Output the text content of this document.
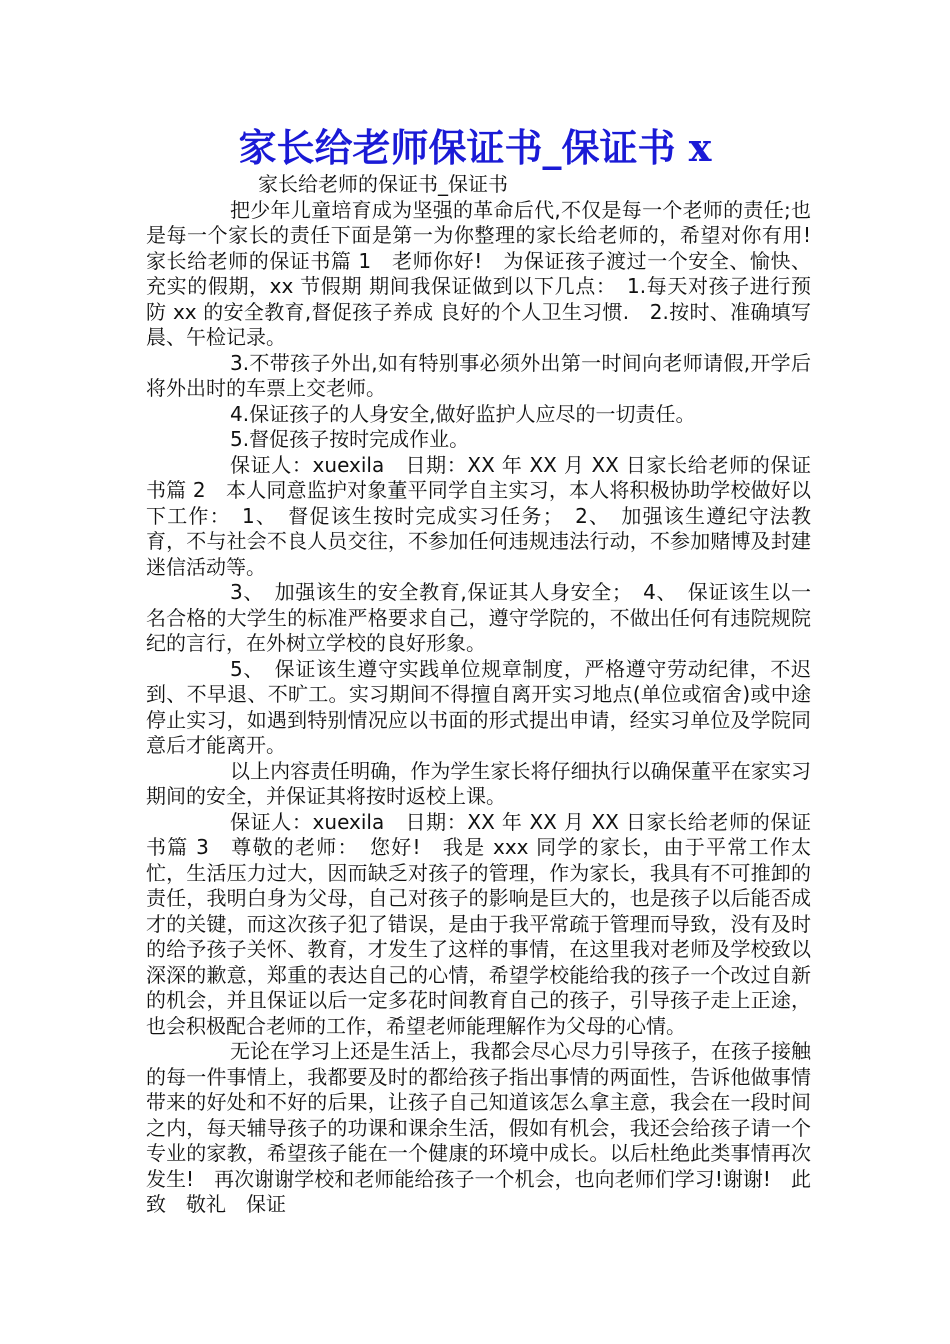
家长给老师保证书_保证书 x

家长给老师的保证书_保证书

把少年儿童培育成为坚强的革命后代,不仅是每一个老师的责任;也是每一个家长的责任下面是第一为你整理的家长给老师的，希望对你有用!家长给老师的保证书篇 1　老师你好!　为保证孩子渡过一个安全、愉快、充实的假期，xx 节假期 期间我保证做到以下几点：　1.每天对孩子进行预防 xx 的安全教育,督促孩子养成 良好的个人卫生习惯.　2.按时、准确填写晨、午检记录。

3.不带孩子外出,如有特别事必须外出第一时间向老师请假,开学后将外出时的车票上交老师。

4.保证孩子的人身安全,做好监护人应尽的一切责任。

5.督促孩子按时完成作业。

保证人：xuexila　日期：XX 年 XX 月 XX 日家长给老师的保证书篇 2　本人同意监护对象董平同学自主实习，本人将积极协助学校做好以下工作：　1、　督促该生按时完成实习任务；　2、　加强该生遵纪守法教育，不与社会不良人员交往，不参加任何违规违法行动，不参加赌博及封建迷信活动等。

3、　加强该生的安全教育,保证其人身安全；　4、　保证该生以一名合格的大学生的标准严格要求自己，遵守学院的，不做出任何有违院规院纪的言行，在外树立学校的良好形象。

5、　保证该生遵守实践单位规章制度，严格遵守劳动纪律，不迟到、不早退、不旷工。实习期间不得擅自离开实习地点(单位或宿舍)或中途停止实习，如遇到特别情况应以书面的形式提出申请，经实习单位及学院同意后才能离开。

以上内容责任明确，作为学生家长将仔细执行以确保董平在家实习期间的安全，并保证其将按时返校上课。

保证人：xuexila　日期：XX 年 XX 月 XX 日家长给老师的保证书篇 3　尊敬的老师：　您好!　我是 xxx 同学的家长，由于平常工作太忙，生活压力过大，因而缺乏对孩子的管理，作为家长，我具有不可推卸的责任，我明白身为父母，自己对孩子的影响是巨大的，也是孩子以后能否成才的关键，而这次孩子犯了错误，是由于我平常疏于管理而导致，没有及时的给予孩子关怀、教育，才发生了这样的事情，在这里我对老师及学校致以深深的歉意，郑重的表达自己的心情，希望学校能给我的孩子一个改过自新的机会，并且保证以后一定多花时间教育自己的孩子，引导孩子走上正途，也会积极配合老师的工作，希望老师能理解作为父母的心情。

无论在学习上还是生活上，我都会尽心尽力引导孩子，在孩子接触的每一件事情上，我都要及时的都给孩子指出事情的两面性，告诉他做事情带来的好处和不好的后果，让孩子自己知道该怎么拿主意，我会在一段时间之内，每天辅导孩子的功课和课余生活，假如有机会，我还会给孩子请一个专业的家教，希望孩子能在一个健康的环境中成长。以后杜绝此类事情再次发生!　再次谢谢学校和老师能给孩子一个机会，也向老师们学习!谢谢!　此致　敬礼　保证
